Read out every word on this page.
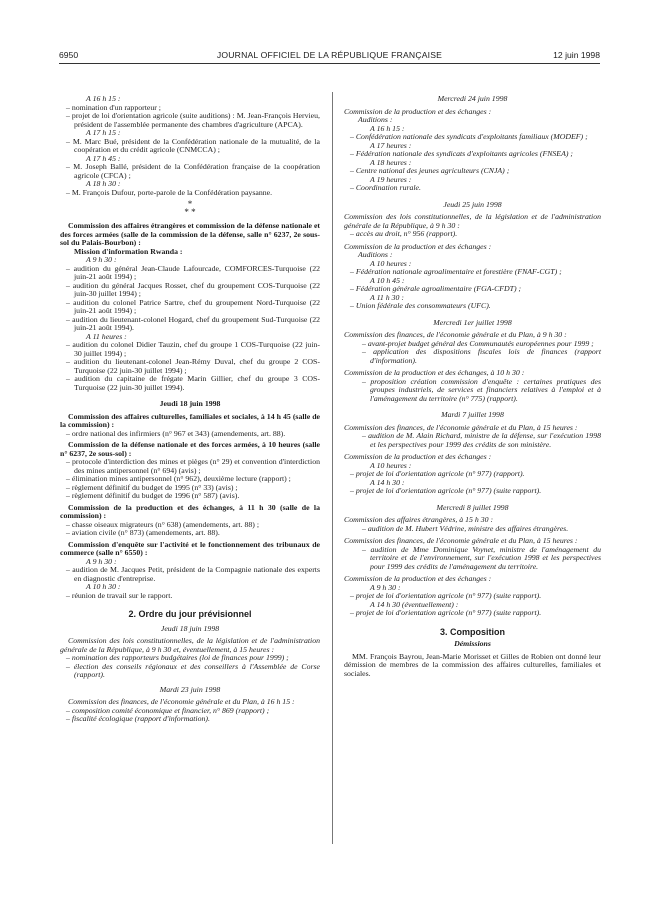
6950	JOURNAL OFFICIEL DE LA RÉPUBLIQUE FRANÇAISE	12 juin 1998

A 16 h 15 :

– nomination d'un rapporteur ;

– projet de loi d'orientation agricole (suite auditions) : M. Jean-François Hervieu, président de l'assemblée permanente des chambres d'agriculture (APCA).

A 17 h 15 :

– M. Marc Bué, président de la Confédération nationale de la mutualité, de la coopération et du crédit agricole (CNMCCA) ;

A 17 h 45 :

– M. Joseph Ballé, président de la Confédération française de la coopération agricole (CFCA) ;

A 18 h 30 :

– M. François Dufour, porte-parole de la Confédération paysanne.

*

* *

Commission des affaires étrangères et commission de la défense nationale et des forces armées (salle de la commission de la défense, salle n° 6237, 2e sous-sol du Palais-Bourbon) :

Mission d'information Rwanda :

A 9 h 30 :

– audition du général Jean-Claude Lafourcade, COMFORCES-Turquoise (22 juin-21 août 1994) ;

– audition du général Jacques Rosset, chef du groupement COS-Turquoise (22 juin-30 juillet 1994) ;

– audition du colonel Patrice Sartre, chef du groupement Nord-Turquoise (22 juin-21 août 1994) ;

– audition du lieutenant-colonel Hogard, chef du groupement Sud-Turquoise (22 juin-21 août 1994).

A 11 heures :

– audition du colonel Didier Tauzin, chef du groupe 1 COS-Turquoise (22 juin-30 juillet 1994) ;

– audition du lieutenant-colonel Jean-Rémy Duval, chef du groupe 2 COS-Turquoise (22 juin-30 juillet 1994) ;

– audition du capitaine de frégate Marin Gillier, chef du groupe 3 COS-Turquoise (22 juin-30 juillet 1994).

Jeudi 18 juin 1998

Commission des affaires culturelles, familiales et sociales, à 14 h 45 (salle de la commission) :

– ordre national des infirmiers (n° 967 et 343) (amendements, art. 88).

Commission de la défense nationale et des forces armées, à 10 heures (salle n° 6237, 2e sous-sol) :

– protocole d'interdiction des mines et pièges (n° 29) et convention d'interdiction des mines antipersonnel (n° 694) (avis) ;

– élimination mines antipersonnel (n° 962), deuxième lecture (rapport) ;

– règlement définitif du budget de 1995 (n° 33) (avis) ;

– règlement définitif du budget de 1996 (n° 587) (avis).

Commission de la production et des échanges, à 11 h 30 (salle de la commission) :

– chasse oiseaux migrateurs (n° 638) (amendements, art. 88) ;

– aviation civile (n° 873) (amendements, art. 88).

Commission d'enquête sur l'activité et le fonctionnement des tribunaux de commerce (salle n° 6550) :

A 9 h 30 :

– audition de M. Jacques Petit, président de la Compagnie nationale des experts en diagnostic d'entreprise.

A 10 h 30 :

– réunion de travail sur le rapport.

2. Ordre du jour prévisionnel

Jeudi 18 juin 1998

Commission des lois constitutionnelles, de la législation et de l'administration générale de la République, à 9 h 30 et, éventuellement, à 15 heures :

– nomination des rapporteurs budgétaires (loi de finances pour 1999) ;

– élection des conseils régionaux et des conseillers à l'Assemblée de Corse (rapport).

Mardi 23 juin 1998

Commission des finances, de l'économie générale et du Plan, à 16 h 15 :

– composition comité économique et financier, n° 869 (rapport) ;

– fiscalité écologique (rapport d'information).

Mercredi 24 juin 1998

Commission de la production et des échanges :

Auditions :

A 16 h 15 :

– Confédération nationale des syndicats d'exploitants familiaux (MODEF) ;

A 17 heures :

– Fédération nationale des syndicats d'exploitants agricoles (FNSEA) ;

A 18 heures :

– Centre national des jeunes agriculteurs (CNJA) ;

A 19 heures :

– Coordination rurale.

Jeudi 25 juin 1998

Commission des lois constitutionnelles, de la législation et de l'administration générale de la République, à 9 h 30 :

– accès au droit, n° 956 (rapport).

Commission de la production et des échanges :

Auditions :

A 10 heures :

– Fédération nationale agroalimentaire et forestière (FNAF-CGT) ;

A 10 h 45 :

– Fédération générale agroalimentaire (FGA-CFDT) ;

A 11 h 30 :

– Union fédérale des consommateurs (UFC).

Mercredi 1er juillet 1998

Commission des finances, de l'économie générale et du Plan, à 9 h 30 :

– avant-projet budget général des Communautés européennes pour 1999 ;

– application des dispositions fiscales lois de finances (rapport d'information).

Commission de la production et des échanges, à 10 h 30 :

– proposition création commission d'enquête : certaines pratiques des groupes industriels, de services et financiers relatives à l'emploi et à l'aménagement du territoire (n° 775) (rapport).

Mardi 7 juillet 1998

Commission des finances, de l'économie générale et du Plan, à 15 heures :

– audition de M. Alain Richard, ministre de la défense, sur l'exécution 1998 et les perspectives pour 1999 des crédits de son ministère.

Commission de la production et des échanges :

A 10 heures :

– projet de loi d'orientation agricole (n° 977) (rapport).

A 14 h 30 :

– projet de loi d'orientation agricole (n° 977) (suite rapport).

Mercredi 8 juillet 1998

Commission des affaires étrangères, à 15 h 30 :

– audition de M. Hubert Védrine, ministre des affaires étrangères.

Commission des finances, de l'économie générale et du Plan, à 15 heures :

– audition de Mme Dominique Voynet, ministre de l'aménagement du territoire et de l'environnement, sur l'exécution 1998 et les perspectives pour 1999 des crédits de l'aménagement du territoire.

Commission de la production et des échanges :

A 9 h 30 :

– projet de loi d'orientation agricole (n° 977) (suite rapport).

A 14 h 30 (éventuellement) :

– projet de loi d'orientation agricole (n° 977) (suite rapport).

3. Composition

Démissions

MM. François Bayrou, Jean-Marie Morisset et Gilles de Robien ont donné leur démission de membres de la commission des affaires culturelles, familiales et sociales.
